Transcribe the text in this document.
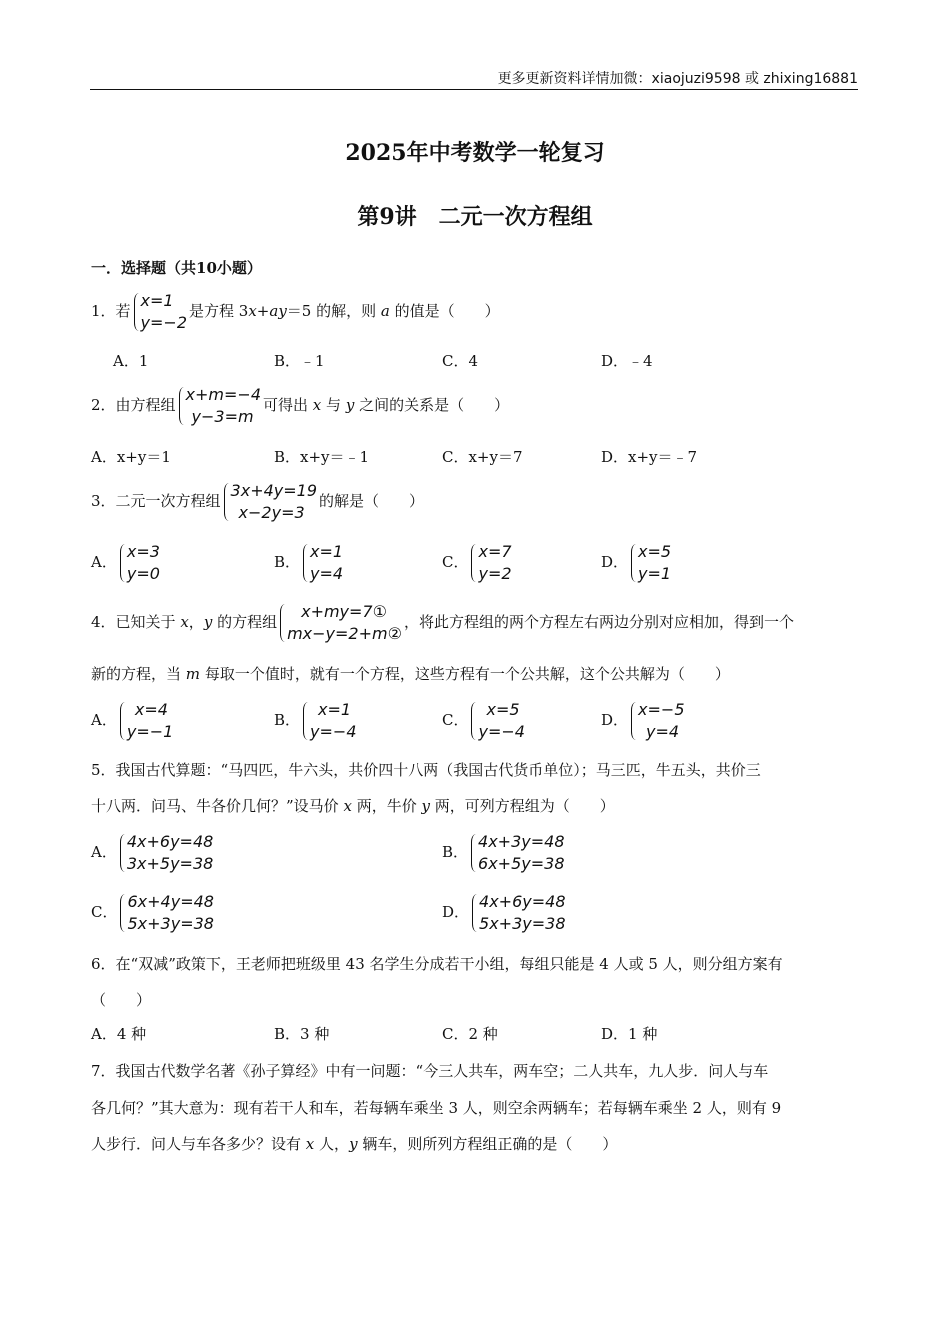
更多更新资料详情加微：xiaojuzi9598 或 zhixing16881
2025年中考数学一轮复习
第9讲　二元一次方程组
一．选择题（共10小题）
1．若
x=1
y=−2
是方程 3x+ay＝5 的解，则 a 的值是（　　）
A．1	B．﹣1	C．4	D．﹣4
2．由方程组
x+m=−4
y−3=m
可得出 x 与 y 之间的关系是（　　）
A．x+y＝1	B．x+y＝﹣1	C．x+y＝7	D．x+y＝﹣7
3．二元一次方程组
3x+4y=19
x−2y=3
的解是（　　）
A．
x=3
y=0
B．
x=1
y=4
C．
x=7
y=2
D．
x=5
y=1
4．已知关于 x，y 的方程组
x+my=7①
mx−y=2+m②
，将此方程组的两个方程左右两边分别对应相加，得到一个
新的方程，当 m 每取一个值时，就有一个方程，这些方程有一个公共解，这个公共解为（　　）
A．
x=4
y=−1
B．
x=1
y=−4
C．
x=5
y=−4
D．
x=−5
y=4
5．我国古代算题：“马四匹，牛六头，共价四十八两（我国古代货币单位）；马三匹，牛五头，共价三
十八两．问马、牛各价几何？”设马价 x 两，牛价 y 两，可列方程组为（　　）
A．
4x+6y=48
3x+5y=38
B．
4x+3y=48
6x+5y=38
C．
6x+4y=48
5x+3y=38
D．
4x+6y=48
5x+3y=38
6．在“双减”政策下，王老师把班级里 43 名学生分成若干小组，每组只能是 4 人或 5 人，则分组方案有
（　　）
A．4 种	B．3 种	C．2 种	D．1 种
7．我国古代数学名著《孙子算经》中有一问题：“今三人共车，两车空；二人共车，九人步．问人与车
各几何？”其大意为：现有若干人和车，若每辆车乘坐 3 人，则空余两辆车；若每辆车乘坐 2 人，则有 9
人步行．问人与车各多少？设有 x 人，y 辆车，则所列方程组正确的是（　　）
